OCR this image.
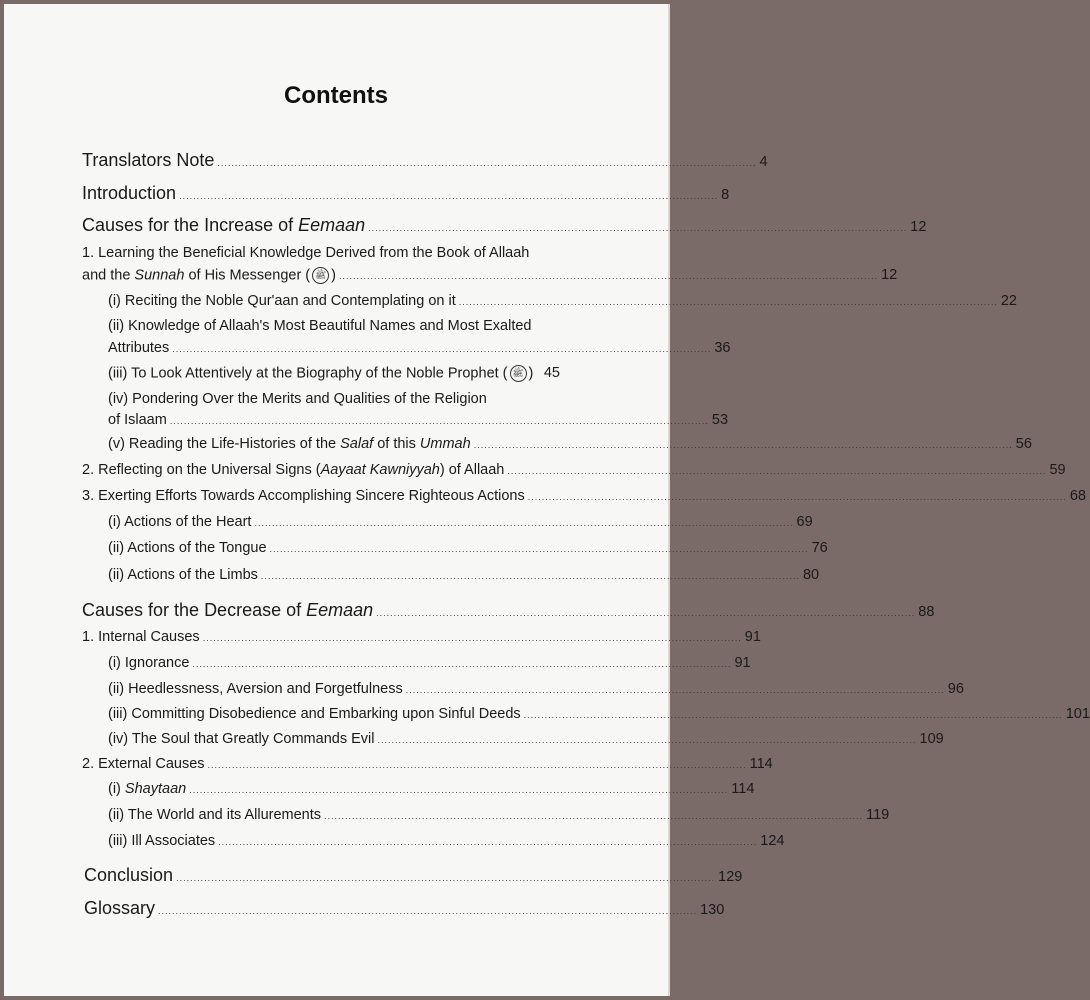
Contents
Translators Note .......................................................................................................................................................... 4
Introduction .......................................................................................................................................................... 8
Causes for the Increase of Eemaan .......................................................................................................................................................... 12
1. Learning the Beneficial Knowledge Derived from the Book of Allaah
and the Sunnah of His Messenger ( ﷺ ) .......................................................................................................................................................... 12
(i) Reciting the Noble Qur'aan and Contemplating on it .......................................................................................................................................................... 22
(ii) Knowledge of Allaah's Most Beautiful Names and Most Exalted
Attributes .......................................................................................................................................................... 36
(iii) To Look Attentively at the Biography of the Noble Prophet ( ﷺ ) 45
(iv) Pondering Over the Merits and Qualities of the Religion
of Islaam .......................................................................................................................................................... 53
(v) Reading the Life-Histories of the Salaf of this Ummah .......................................................................................................................................................... 56
2. Reflecting on the Universal Signs (Aayaat Kawniyyah) of Allaah .......................................................................................................................................................... 59
3. Exerting Efforts Towards Accomplishing Sincere Righteous Actions .......................................................................................................................................................... 68
(i) Actions of the Heart .......................................................................................................................................................... 69
(ii) Actions of the Tongue .......................................................................................................................................................... 76
(ii) Actions of the Limbs .......................................................................................................................................................... 80
Causes for the Decrease of Eemaan .......................................................................................................................................................... 88
1. Internal Causes .......................................................................................................................................................... 91
(i) Ignorance .......................................................................................................................................................... 91
(ii) Heedlessness, Aversion and Forgetfulness .......................................................................................................................................................... 96
(iii) Committing Disobedience and Embarking upon Sinful Deeds .......................................................................................................................................................... 101
(iv) The Soul that Greatly Commands Evil .......................................................................................................................................................... 109
2. External Causes .......................................................................................................................................................... 114
(i) Shaytaan .......................................................................................................................................................... 114
(ii) The World and its Allurements .......................................................................................................................................................... 119
(iii) Ill Associates .......................................................................................................................................................... 124
Conclusion .......................................................................................................................................................... 129
Glossary .......................................................................................................................................................... 130
